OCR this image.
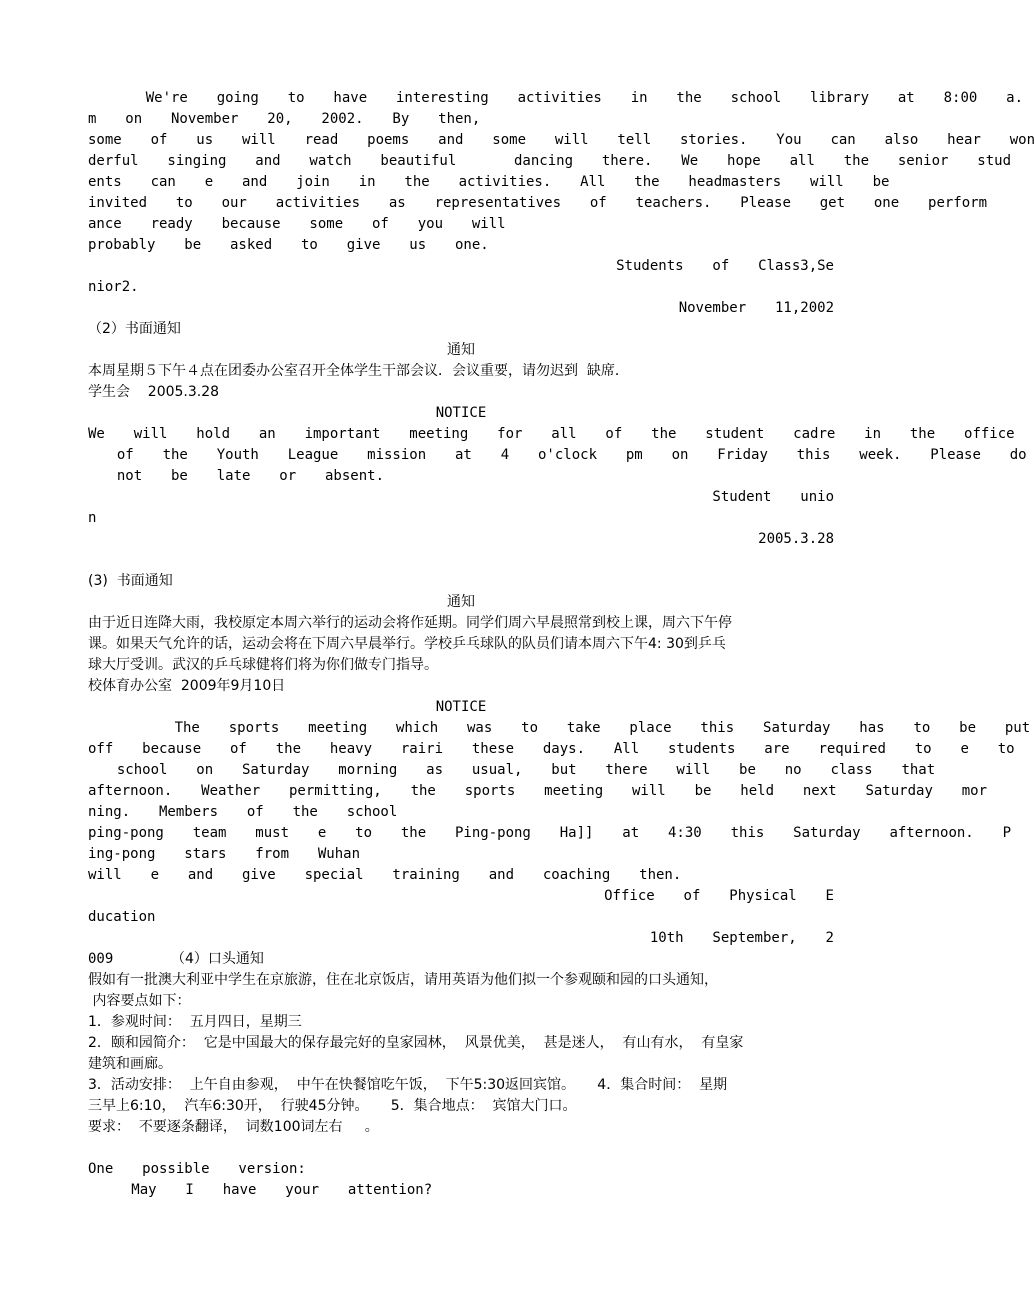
We're  going  to  have  interesting  activities  in  the  school  library  at  8:00  a.
m  on  November  20,  2002.  By  then,
some  of  us  will  read  poems  and  some  will  tell  stories.  You  can  also  hear  won
derful  singing  and  watch  beautiful    dancing  there.  We  hope  all  the  senior  stud
ents  can  e  and  join  in  the  activities.  All  the  headmasters  will  be
invited  to  our  activities  as  representatives  of  teachers.  Please  get  one  perform
ance  ready  because  some  of  you  will
probably  be  asked  to  give  us  one.
Students  of  Class3,Se
nior2.
November  11,2002
（2）书面通知
通知
本周星期５下午４点在团委办公室召开全体学生干部会议．会议重要，请勿迟到  缺席．
学生会    2005.3.28
NOTICE
We  will  hold  an  important  meeting  for  all  of  the  student  cadre  in  the  office
of  the  Youth  League  mission  at  4  o'clock  pm  on  Friday  this  week.  Please  do
not  be  late  or  absent.
Student  unio
n
2005.3.28
(3)  书面通知
通知
由于近日连降大雨，我校原定本周六举行的运动会将作延期。同学们周六早晨照常到校上课，周六下午停
课。如果天气允许的话，运动会将在下周六早晨举行。学校乒乓球队的队员们请本周六下午4: 30到乒乓
球大厅受训。武汉的乒乓球健将们将为你们做专门指导。
校体育办公室  2009年9月10日
NOTICE
The  sports  meeting  which  was  to  take  place  this  Saturday  has  to  be  put
off  because  of  the  heavy  rairi  these  days.  All  students  are  required  to  e  to
school  on  Saturday  morning  as  usual,  but  there  will  be  no  class  that
afternoon.  Weather  permitting,  the  sports  meeting  will  be  held  next  Saturday  mor
ning.  Members  of  the  school
ping-pong  team  must  e  to  the  Ping-pong  Ha]]  at  4:30  this  Saturday  afternoon.  P
ing-pong  stars  from  Wuhan
will  e  and  give  special  training  and  coaching  then.
Office  of  Physical  E
ducation
10th  September,  2
009    （4）口头通知
假如有一批澳大利亚中学生在京旅游，住在北京饭店，请用英语为他们拟一个参观颐和园的口头通知，
内容要点如下：
1．参观时间：  五月四日，星期三
2．颐和园简介：  它是中国最大的保存最完好的皇家园林，  风景优美，  甚是迷人，  有山有水，  有皇家
建筑和画廊。
3．活动安排：  上午自由参观，  中午在快餐馆吃午饭，  下午5:30返回宾馆。     4．集合时间：  星期
三早上6:10，  汽车6:30开，  行驶45分钟。     5．集合地点：  宾馆大门口。
要求：  不要逐条翻译，  词数100词左右     。
One  possible  version:
May  I  have  your  attention?
